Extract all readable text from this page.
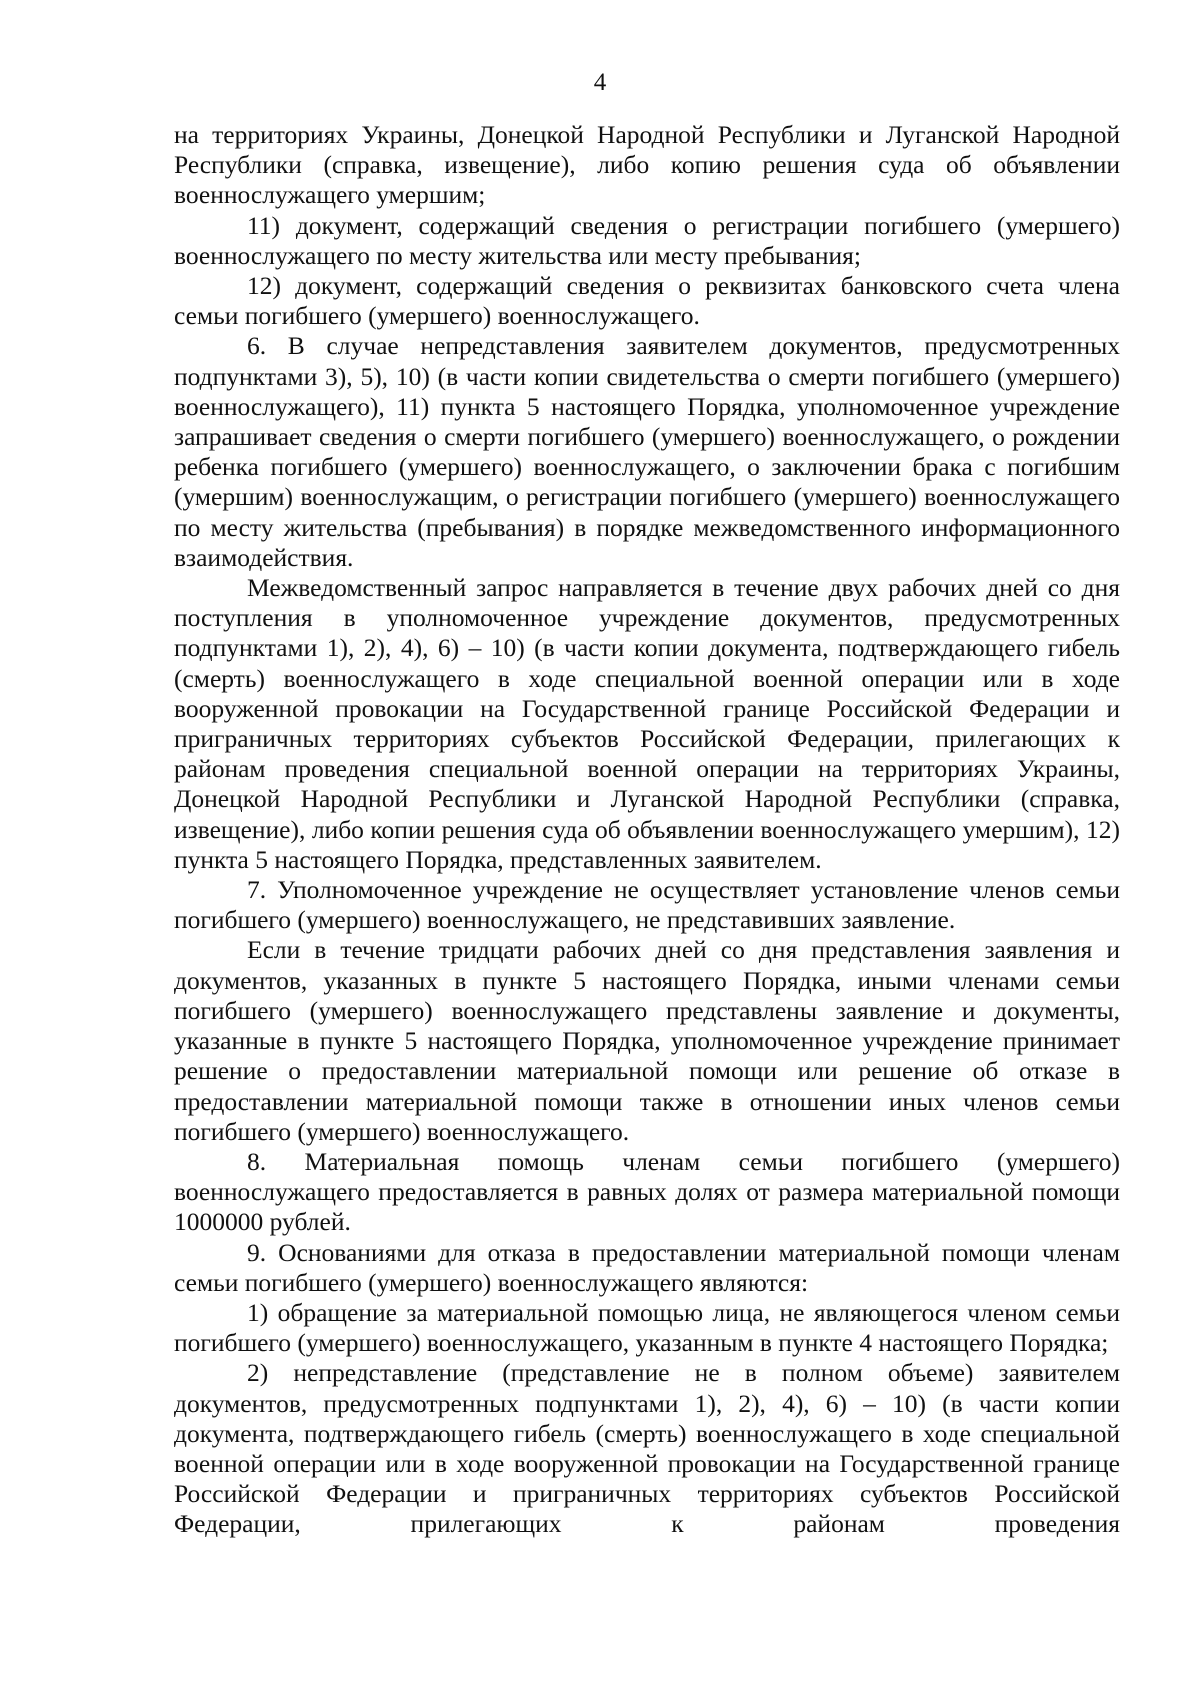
4

на территориях Украины, Донецкой Народной Республики и Луганской Народной Республики (справка, извещение), либо копию решения суда об объявлении военнослужащего умершим;

11) документ, содержащий сведения о регистрации погибшего (умершего) военнослужащего по месту жительства или месту пребывания;

12) документ, содержащий сведения о реквизитах банковского счета члена семьи погибшего (умершего) военнослужащего.

6. В случае непредставления заявителем документов, предусмотренных подпунктами 3), 5), 10) (в части копии свидетельства о смерти погибшего (умершего) военнослужащего), 11) пункта 5 настоящего Порядка, уполномоченное учреждение запрашивает сведения о смерти погибшего (умершего) военнослужащего, о рождении ребенка погибшего (умершего) военнослужащего, о заключении брака с погибшим (умершим) военнослужащим, о регистрации погибшего (умершего) военнослужащего по месту жительства (пребывания) в порядке межведомственного информационного взаимодействия.

Межведомственный запрос направляется в течение двух рабочих дней со дня поступления в уполномоченное учреждение документов, предусмотренных подпунктами 1), 2), 4), 6) – 10) (в части копии документа, подтверждающего гибель (смерть) военнослужащего в ходе специальной военной операции или в ходе вооруженной провокации на Государственной границе Российской Федерации и приграничных территориях субъектов Российской Федерации, прилегающих к районам проведения специальной военной операции на территориях Украины, Донецкой Народной Республики и Луганской Народной Республики (справка, извещение), либо копии решения суда об объявлении военнослужащего умершим), 12) пункта 5 настоящего Порядка, представленных заявителем.

7. Уполномоченное учреждение не осуществляет установление членов семьи погибшего (умершего) военнослужащего, не представивших заявление.

Если в течение тридцати рабочих дней со дня представления заявления и документов, указанных в пункте 5 настоящего Порядка, иными членами семьи погибшего (умершего) военнослужащего представлены заявление и документы, указанные в пункте 5 настоящего Порядка, уполномоченное учреждение принимает решение о предоставлении материальной помощи или решение об отказе в предоставлении материальной помощи также в отношении иных членов семьи погибшего (умершего) военнослужащего.

8. Материальная помощь членам семьи погибшего (умершего) военнослужащего предоставляется в равных долях от размера материальной помощи 1000000 рублей.

9. Основаниями для отказа в предоставлении материальной помощи членам семьи погибшего (умершего) военнослужащего являются:

1) обращение за материальной помощью лица, не являющегося членом семьи погибшего (умершего) военнослужащего, указанным в пункте 4 настоящего Порядка;

2) непредставление (представление не в полном объеме) заявителем документов, предусмотренных подпунктами 1), 2), 4), 6) – 10) (в части копии документа, подтверждающего гибель (смерть) военнослужащего в ходе специальной военной операции или в ходе вооруженной провокации на Государственной границе Российской Федерации и приграничных территориях субъектов Российской Федерации, прилегающих к районам проведения
